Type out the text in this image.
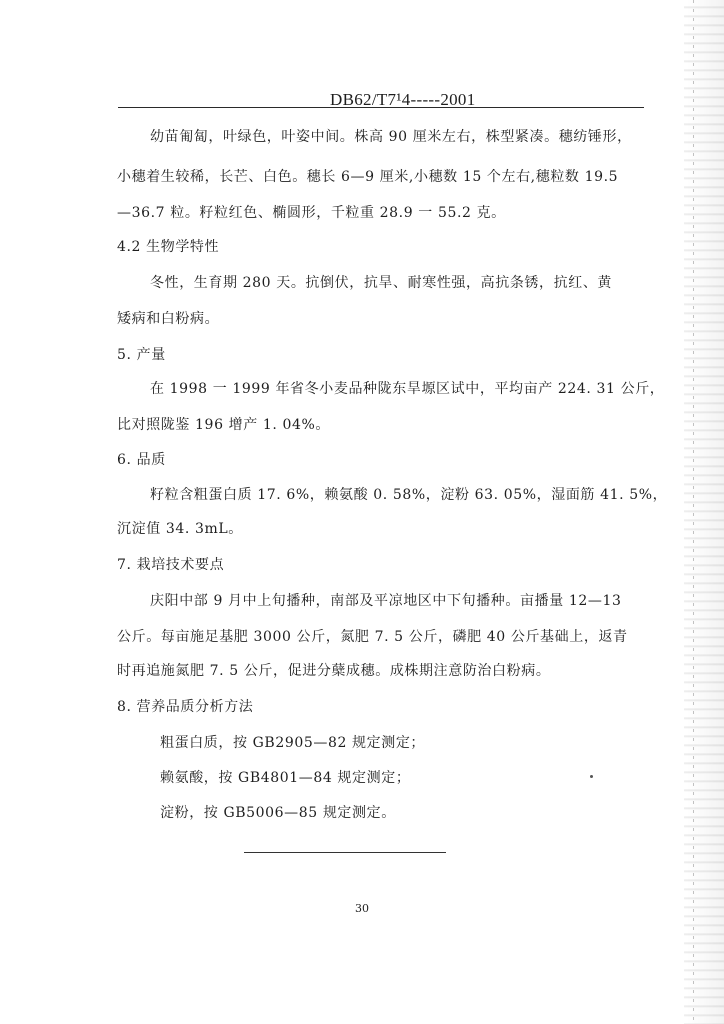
DB62/T7¹4-----2001
幼苗匍匐，叶绿色，叶姿中间。株高 90 厘米左右，株型紧凑。穗纺锤形，
小穗着生较稀，长芒、白色。穗长 6—9 厘米,小穗数 15 个左右,穗粒数 19.5
—36.7 粒。籽粒红色、椭圆形，千粒重 28.9 一 55.2 克。
4.2 生物学特性
冬性，生育期 280 天。抗倒伏，抗旱、耐寒性强，高抗条锈，抗红、黄
矮病和白粉病。
5. 产量
在 1998 一 1999 年省冬小麦品种陇东旱塬区试中，平均亩产 224. 31 公斤，
比对照陇鉴 196 增产 1. 04%。
6. 品质
籽粒含粗蛋白质 17. 6%，赖氨酸 0. 58%，淀粉 63. 05%，湿面筋 41. 5%，
沉淀值 34. 3mL。
7. 栽培技术要点
庆阳中部 9 月中上旬播种，南部及平凉地区中下旬播种。亩播量 12—13
公斤。每亩施足基肥 3000 公斤，氮肥 7. 5 公斤，磷肥 40 公斤基础上，返青
时再追施氮肥 7. 5 公斤，促进分蘖成穗。成株期注意防治白粉病。
8. 营养品质分析方法
粗蛋白质，按 GB2905—82 规定测定；
赖氨酸，按 GB4801—84 规定测定；
淀粉，按 GB5006—85 规定测定。
30
